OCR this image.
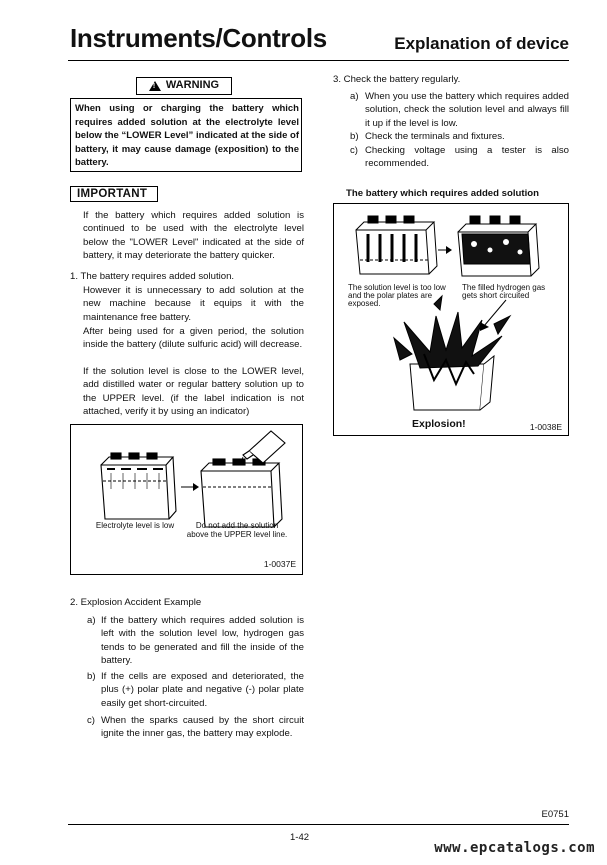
Instruments/Controls	Explanation of device
! WARNING
When using or charging the battery which requires added solution at the electrolyte level below the “LOWER Level” indicated at the side of battery, it may cause damage (exposition) to the battery.
IMPORTANT
If the battery which requires added solution is continued to be used with the electrolyte level below the "LOWER Level" indicated at the side of battery, it may deteriorate the battery quicker.
1. The battery requires added solution.
However it is unnecessary to add solution at the new machine because it equips it with the maintenance free battery.
After being used for a given period, the solution inside the battery (dilute sulfuric acid) will decrease.
If the solution level is close to the LOWER level, add distilled water or regular battery solution up to the UPPER level. (if the label indication is not attached, verify it by using an indicator)
Electrolyte level is low	Do not add the solution
above the UPPER level line.
1-0037E
2. Explosion Accident Example
a) If the battery which requires added solution is left with the solution level low, hydrogen gas tends to be generated and fill the inside of the battery.
b) If the cells are exposed and deteriorated, the plus (+) polar plate and negative (-) polar plate easily get short-circuited.
c) When the sparks caused by the short circuit ignite the inner gas, the battery may explode.
3. Check the battery regularly.
a) When you use the battery which requires added solution, check the solution level and always fill it up if the level is low.
b) Check the terminals and fixtures.
c) Checking voltage using a tester is also recommended.
The battery which requires added solution
The solution level is too low
and the polar plates are
exposed.
The filled hydrogen gas
gets short circuited
Explosion!	1-0038E
E0751
1-42
www.epcatalogs.com
